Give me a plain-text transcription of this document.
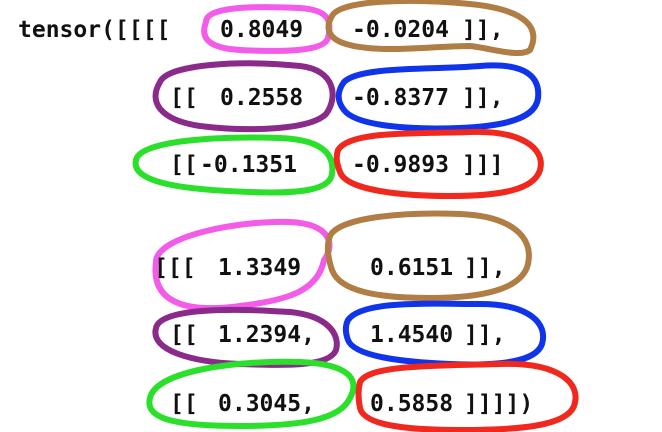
tensor([[[[ 0.8049 -0.0204 ]],
[[ 0.2558 -0.8377 ]],
[[ -0.1351 -0.9893 ]]]
[[[ 1.3349	0.6151 ]],
[[ 1.2394, 1.4540 ]],
[[ 0.3045, 0.5858 ]]]])
